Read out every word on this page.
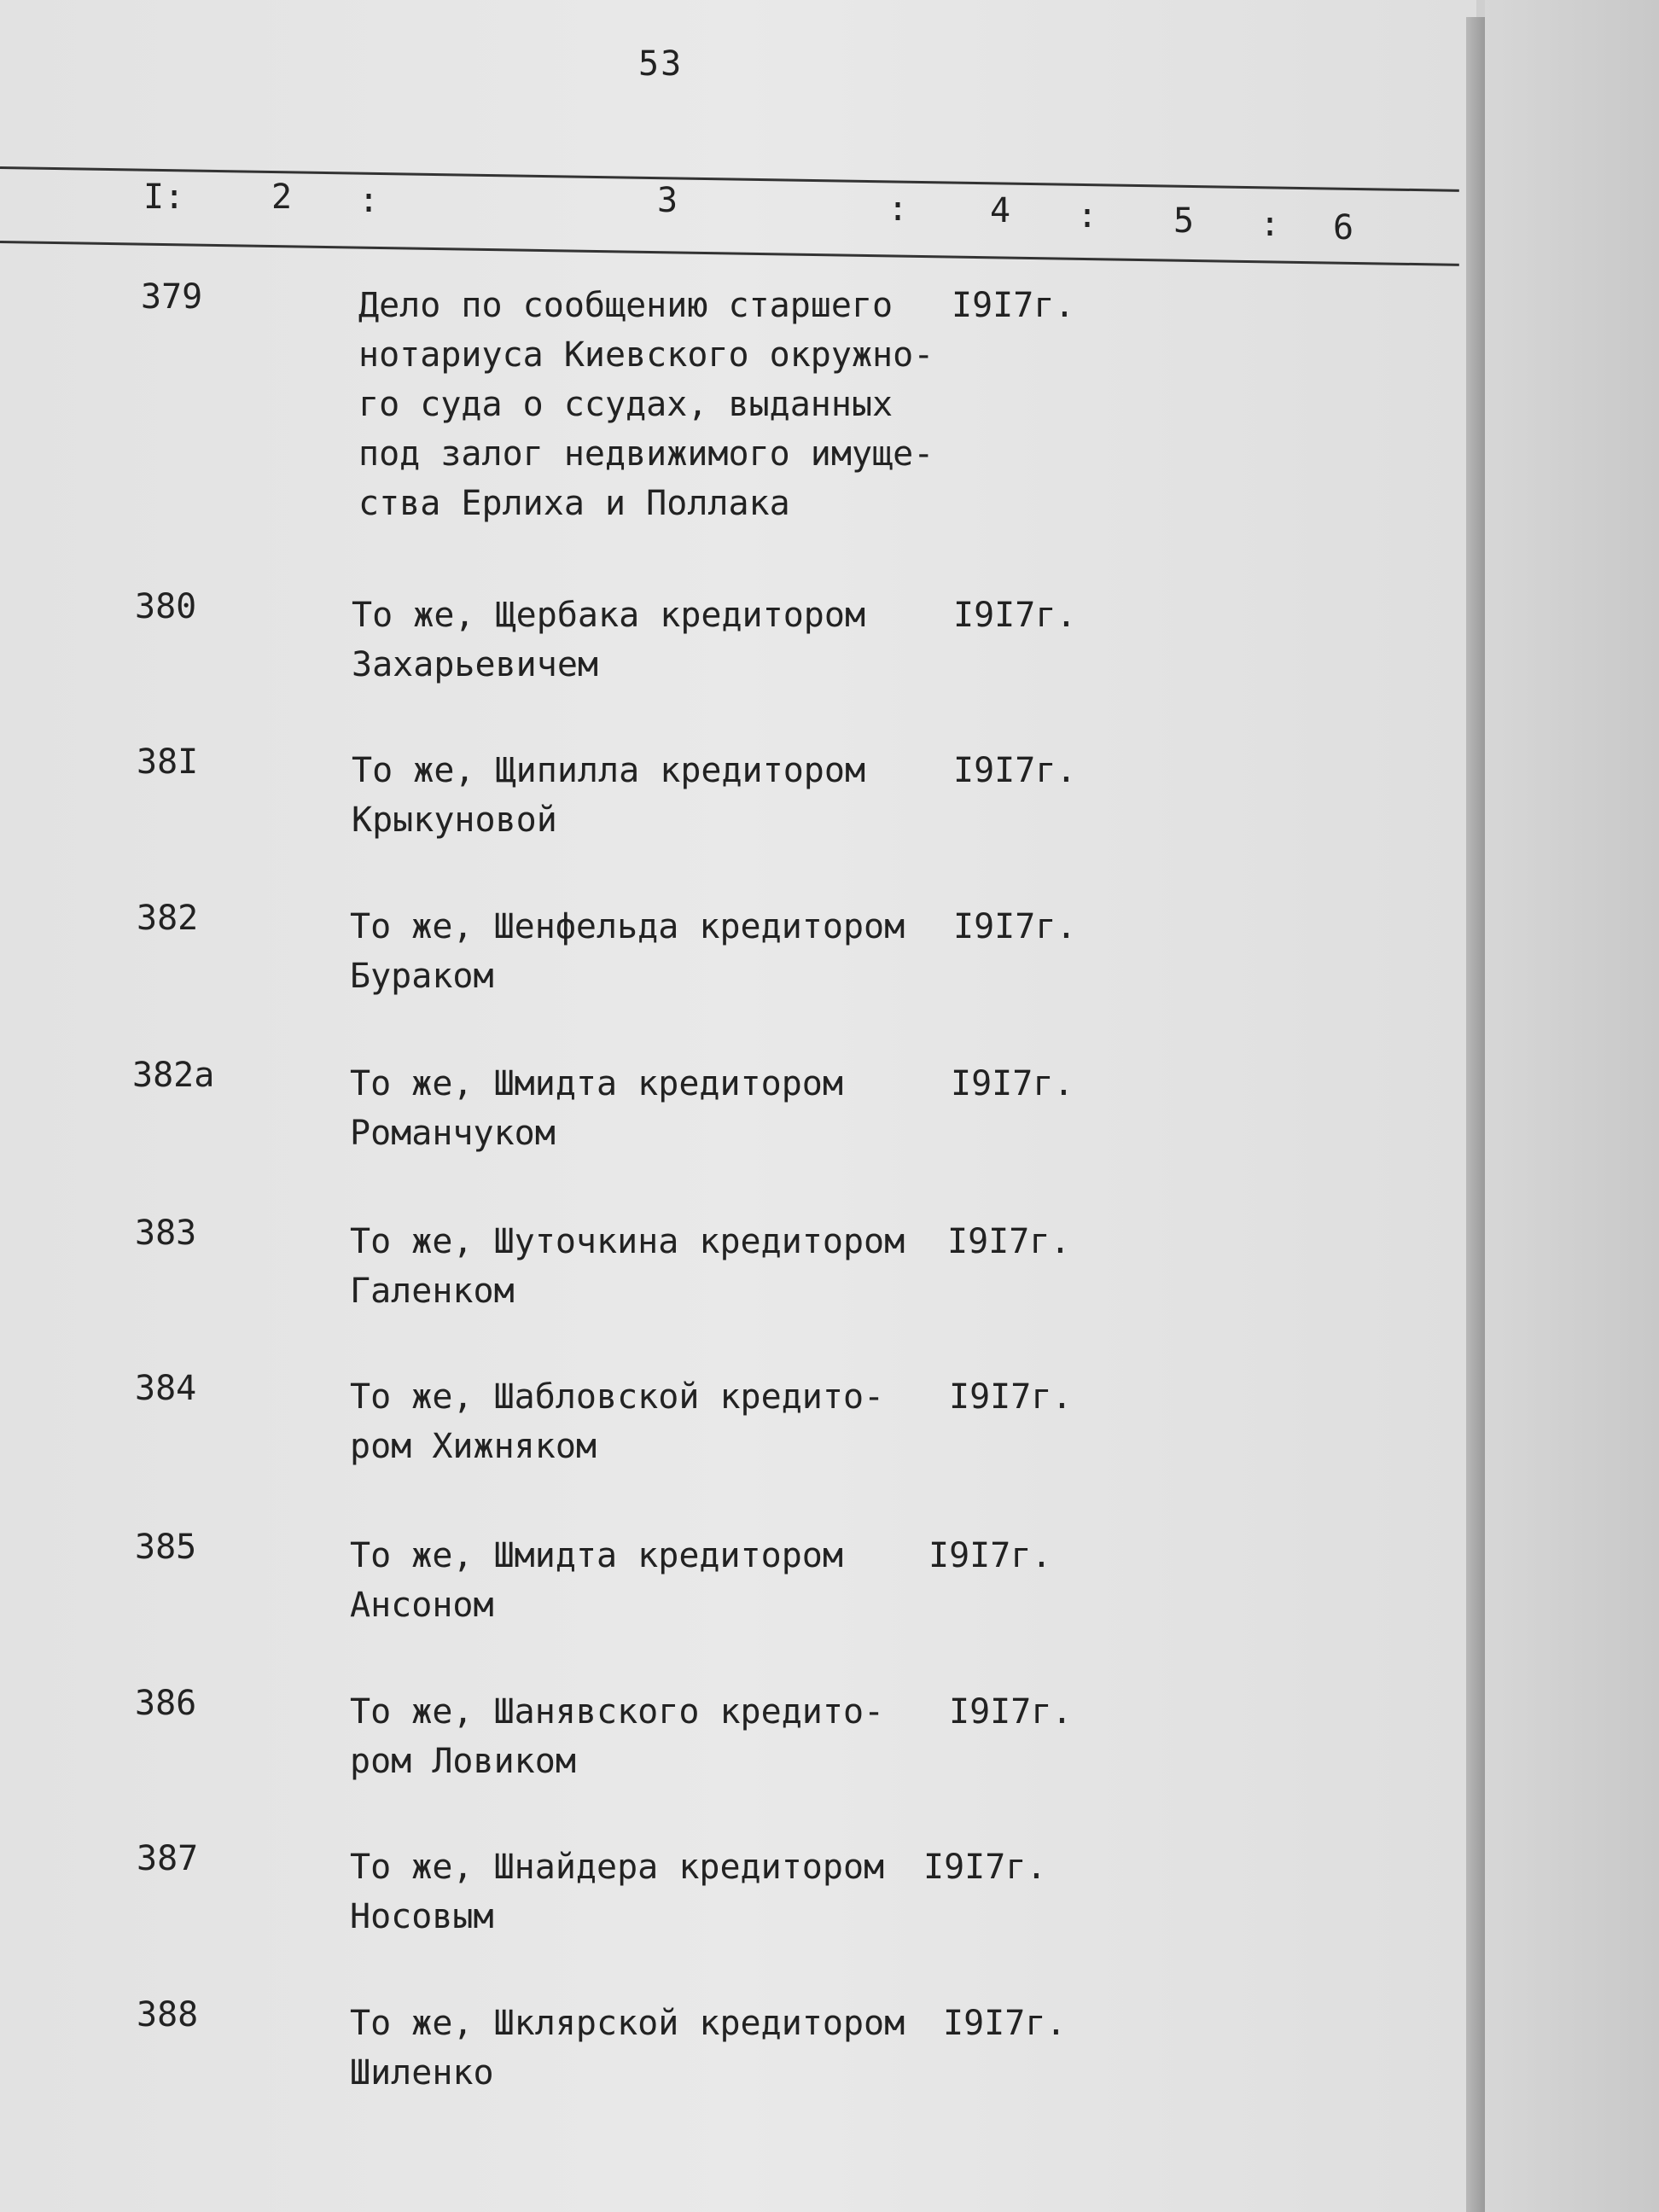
53
I:	2 :	3	: 4 : 5 : 6
379	Дело по сообщению старшего
нотариуса Киевского окружно-
го суда о ссудах, выданных
под залог недвижимого имуще-
ства Ерлиха и Поллака
I9I7г.
380	То же, Щербака кредитором
Захарьевичем
I9I7г.
38I	То же, Щипилла кредитором
Крыкуновой
I9I7г.
382	То же, Шенфельда кредитором
Бураком
I9I7г.
382а	То же, Шмидта кредитором
Романчуком
I9I7г.
383	То же, Шуточкина кредитором
Галенком
I9I7г.
384	То же, Шабловской кредито-
ром Хижняком
I9I7г.
385	То же, Шмидта кредитором
Ансоном
I9I7г.
386	То же, Шанявского кредито-
ром Ловиком
I9I7г.
387	То же, Шнайдера кредитором
Носовым
I9I7г.
388	То же, Шклярской кредитором
Шиленко
I9I7г.
